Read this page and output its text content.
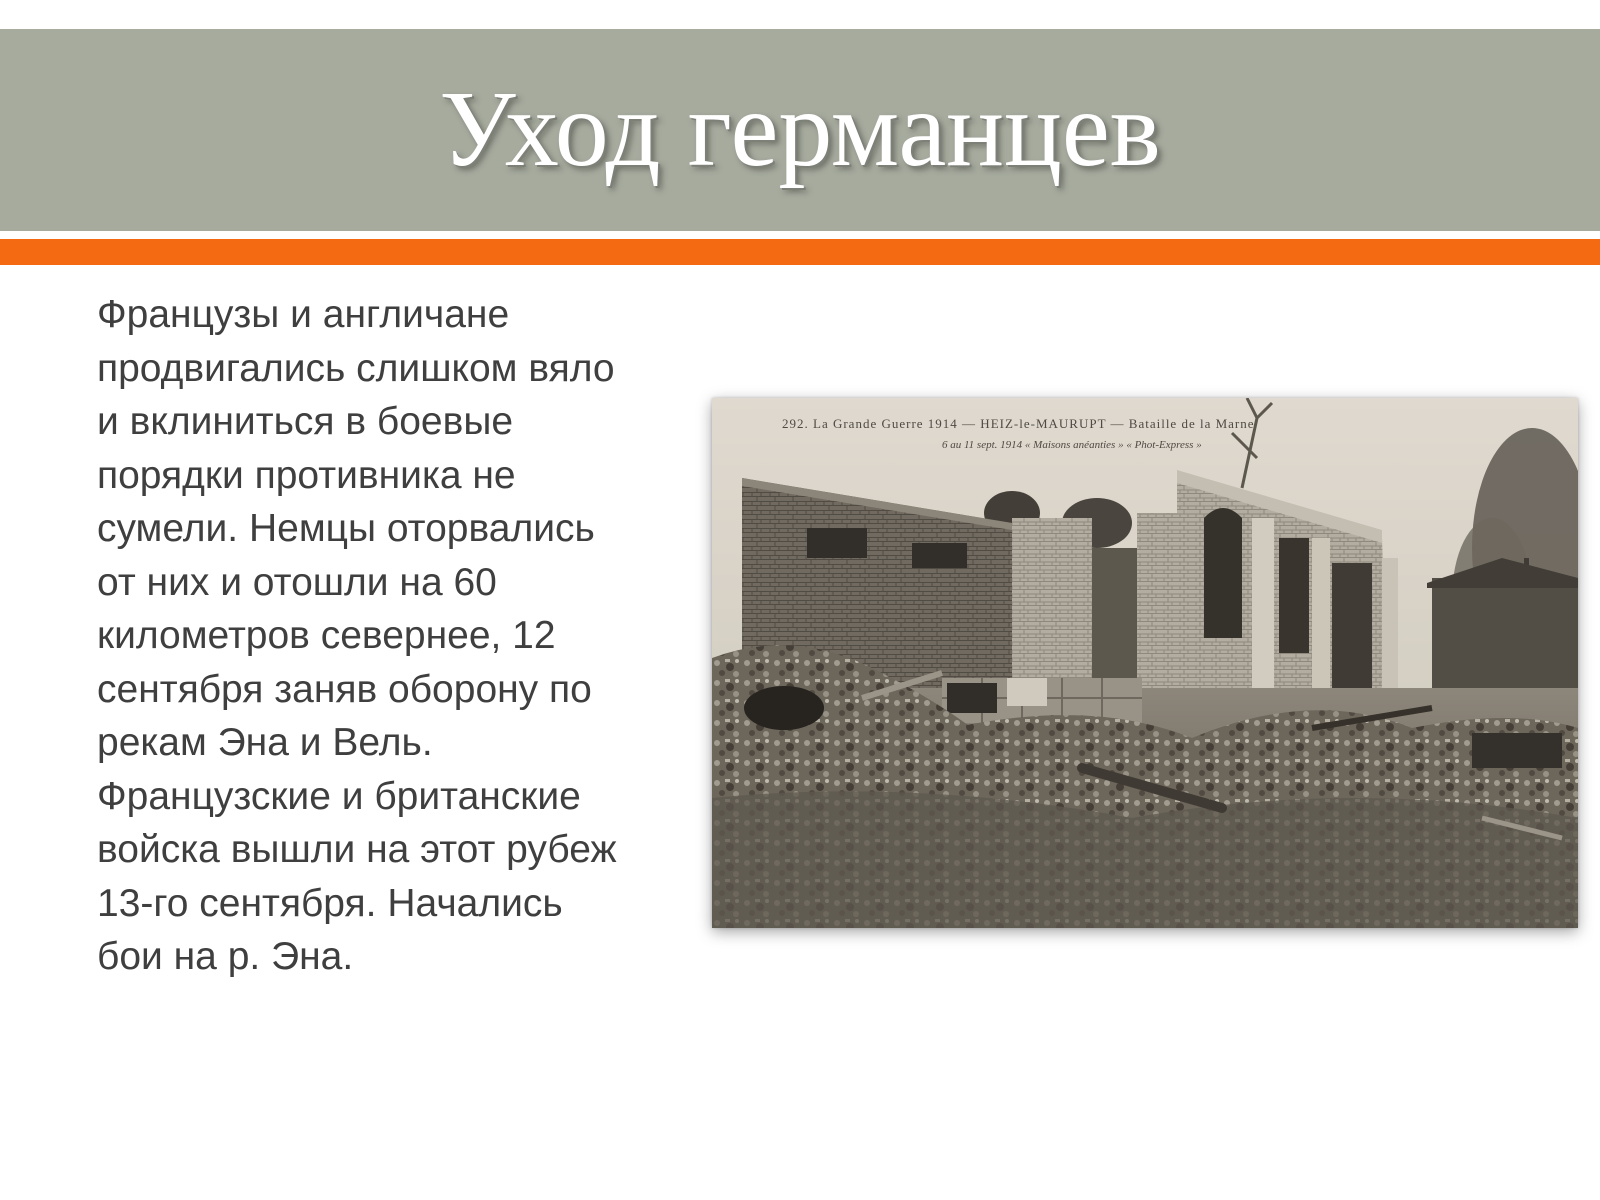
Уход германцев

Французы и англичане
продвигались слишком вяло
и вклиниться в боевые
порядки противника не
сумели. Немцы оторвались
от них и отошли на 60
километров севернее, 12
сентября заняв оборону по
рекам Эна и Вель.
Французские и британские
войска вышли на этот рубеж
13-го сентября. Начались
бои на р. Эна.

292. La Grande Guerre 1914 — HEIZ-le-MAURUPT — Bataille de la Marne
6 au 11 sept. 1914 « Maisons anéanties » « Phot-Express »
